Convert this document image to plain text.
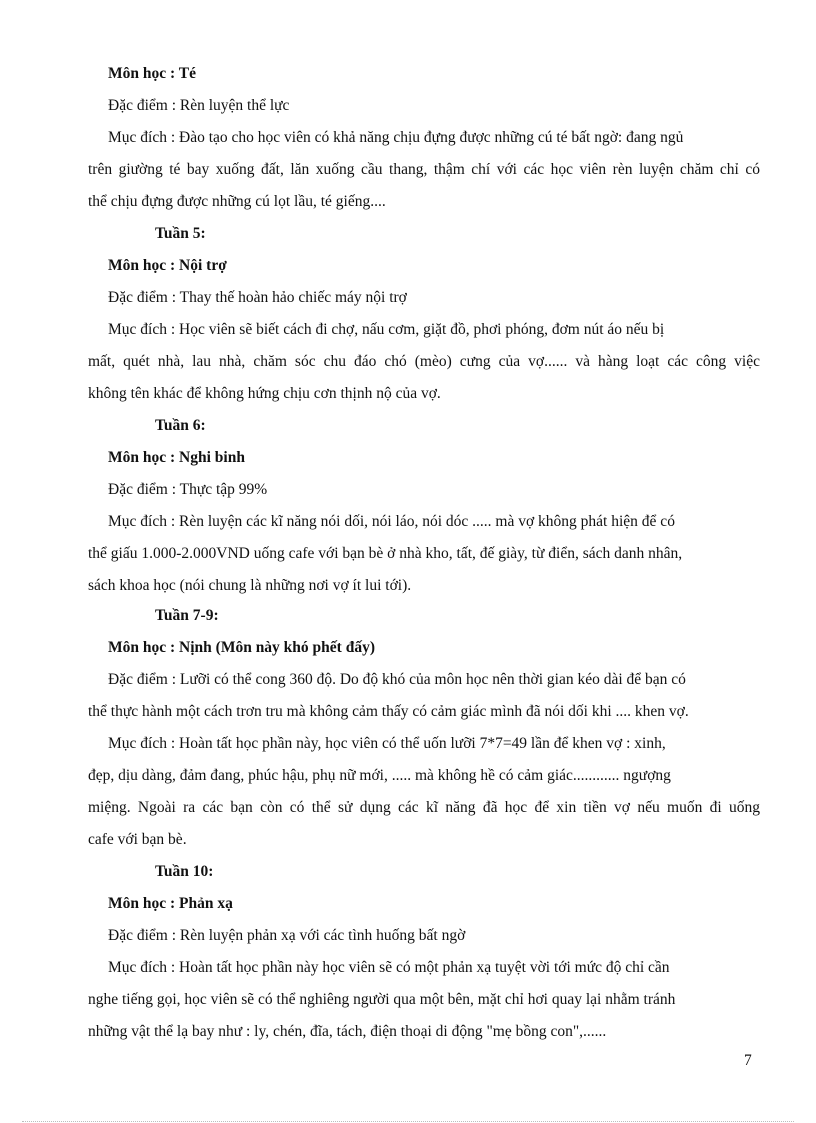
Môn học : Té
Đặc điểm : Rèn luyện thể lực
Mục đích : Đào tạo cho học viên có khả năng chịu đựng được những cú té bất ngờ: đang ngủ
trên giường té bay xuống đất, lăn xuống cầu thang, thậm chí với các học viên rèn luyện chăm chỉ có
thể chịu đựng được những cú lọt lầu, té giếng....
Tuần 5:
Môn học : Nội trợ
Đặc điểm : Thay thế hoàn hảo chiếc máy nội trợ
Mục đích : Học viên sẽ biết cách đi chợ, nấu cơm, giặt đồ, phơi phóng, đơm nút áo nếu bị
mất, quét nhà, lau nhà, chăm sóc chu đáo chó (mèo) cưng của vợ...... và hàng loạt các công việc
không tên khác để không hứng chịu cơn thịnh nộ của vợ.
Tuần 6:
Môn học : Nghi binh
Đặc điểm : Thực tập 99%
Mục đích : Rèn luyện các kĩ năng nói dối, nói láo, nói dóc ..... mà vợ không phát hiện để có
thể giấu 1.000-2.000VND uống cafe với bạn bè ở nhà kho, tất, đế giày, từ điển, sách danh nhân,
sách khoa học (nói chung là những nơi vợ ít lui tới).
Tuần 7-9:
Môn học : Nịnh (Môn này khó phết đấy)
Đặc điểm : Lưỡi có thể cong 360 độ. Do độ khó của môn học nên thời gian kéo dài để bạn có
thể thực hành một cách trơn tru mà không cảm thấy có cảm giác mình đã nói dối khi .... khen vợ.
Mục đích : Hoàn tất học phần này, học viên có thể uốn lưỡi 7*7=49 lần để khen vợ : xinh,
đẹp, dịu dàng, đảm đang, phúc hậu, phụ nữ mới, ..... mà không hề có cảm giác............ ngượng
miệng. Ngoài ra các bạn còn có thể sử dụng các kĩ năng đã học để xin tiền vợ nếu muốn đi uống
cafe với bạn bè.
Tuần 10:
Môn học : Phản xạ
Đặc điểm : Rèn luyện phản xạ với các tình huống bất ngờ
Mục đích : Hoàn tất học phần này học viên sẽ có một phản xạ tuyệt vời tới mức độ chỉ cần
nghe tiếng gọi, học viên sẽ có thể nghiêng người qua một bên, mặt chỉ hơi quay lại nhằm tránh
những vật thể lạ bay như : ly, chén, đĩa, tách, điện thoại di động "mẹ bồng con",......
7
